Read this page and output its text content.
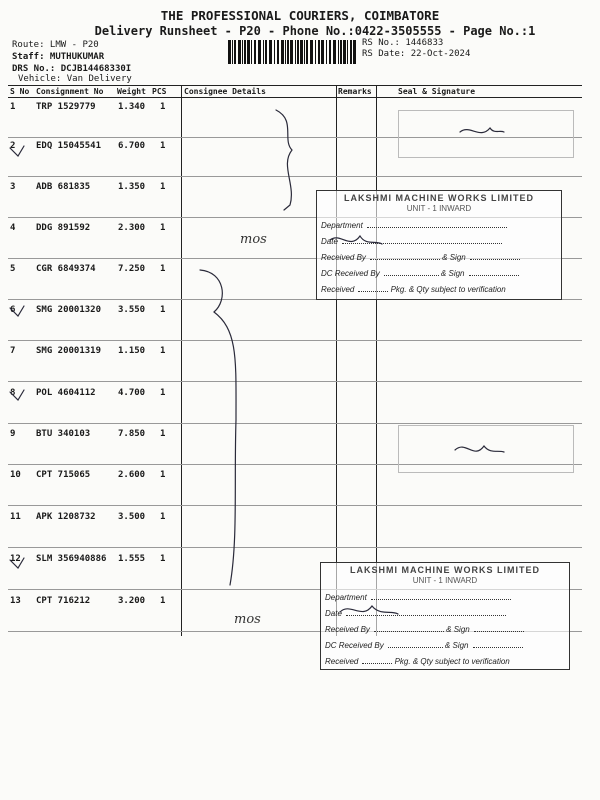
THE PROFESSIONAL COURIERS, COIMBATORE
Delivery Runsheet - P20 - Phone No.:0422-3505555 - Page No.:1
Route: LMW - P20
Staff: MUTHUKUMAR
DRS No.: DCJB14468330I
Vehicle: Van Delivery
RS No.: 1446833
RS Date: 22-Oct-2024
S No Consignment No Weight PCS Consignee Details	Remarks	Seal & Signature
1 TRP 1529779 1.340 1
2 EDQ 15045541 6.700 1
3 ADB 681835	1.350 1
4 DDG 891592	2.300 1
5 CGR 6849374 7.250 1
6 SMG 20001320 3.550 1
7 SMG 20001319 1.150 1
8 POL 4604112 4.700 1
9 BTU 340103	7.850 1
10 CPT 715065	2.600 1
11 APK 1208732 3.500 1
12 SLM 356940886 1.555 1
13 CPT 716212	3.200 1
LAKSHMI MACHINE WORKS LIMITED
UNIT - 1 INWARD
Department
Date
Received By	& Sign
DC Received By	& Sign
Received	Pkg. & Qty subject to verification
LAKSHMI MACHINE WORKS LIMITED
UNIT - 1 INWARD
Department
Date
Received By	& Sign
DC Received By	& Sign
Received	Pkg. & Qty subject to verification
mos
mos
